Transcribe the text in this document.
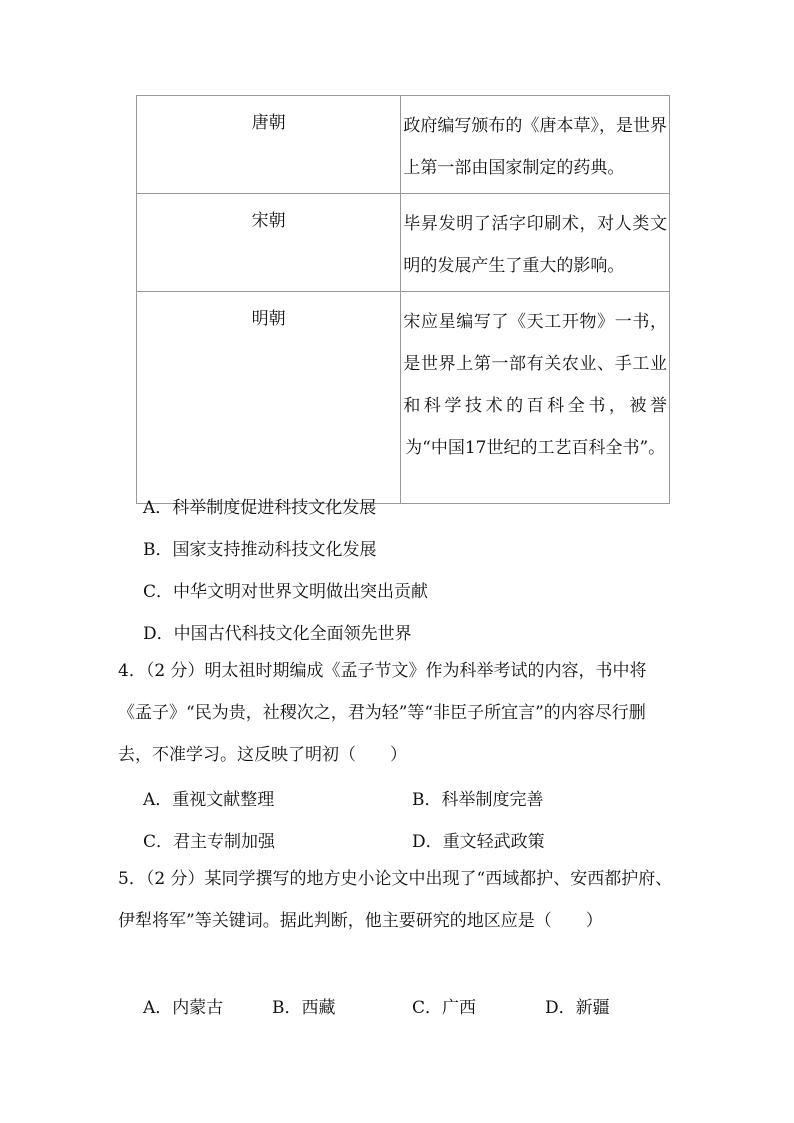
唐朝	政府编写颁布的《唐本草》，是世界上第一部由国家制定的药典。
宋朝	毕昇发明了活字印刷术，对人类文明的发展产生了重大的影响。
明朝	宋应星编写了《天工开物》一书，是世界上第一部有关农业、手工业和科学技术的百科全书，被誉为“中国17世纪的工艺百科全书”。
A．科举制度促进科技文化发展
B．国家支持推动科技文化发展
C．中华文明对世界文明做出突出贡献
D．中国古代科技文化全面领先世界
4．（2 分）明太祖时期编成《孟子节文》作为科举考试的内容，书中将《孟子》“民为贵，社稷次之，君为轻”等“非臣子所宜言”的内容尽行删去，不准学习。这反映了明初（　　）
A．重视文献整理	B．科举制度完善
C．君主专制加强	D．重文轻武政策
5．（2 分）某同学撰写的地方史小论文中出现了“西域都护、安西都护府、伊犁将军”等关键词。据此判断，他主要研究的地区应是（　　）
A．内蒙古	B．西藏	C．广西	D．新疆
